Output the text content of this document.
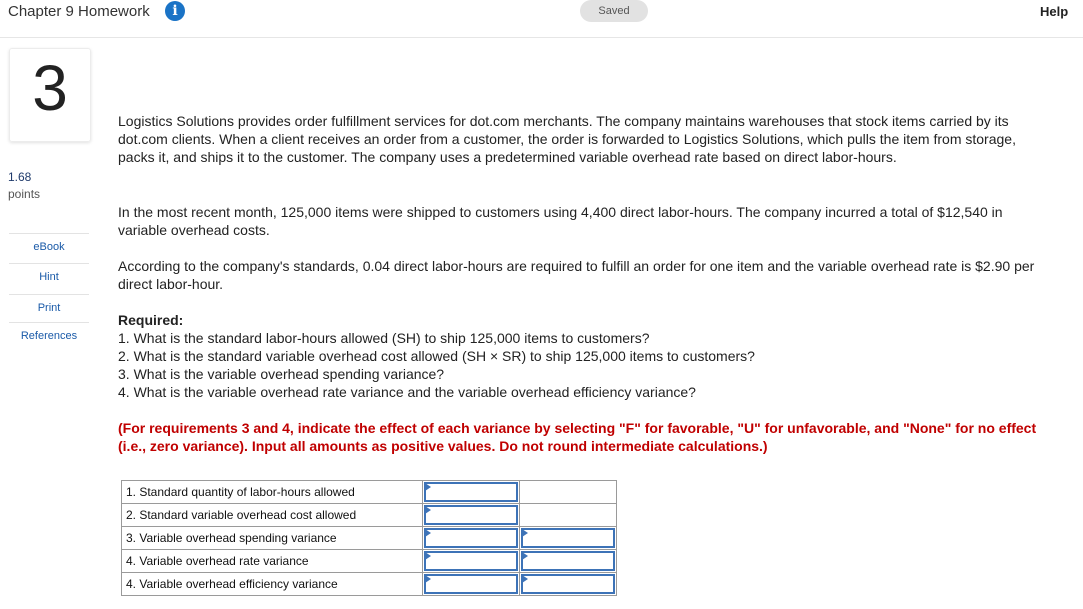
Chapter 9 Homework	i	Saved	Help
3
1.68
points
eBook
Hint
Print
References

Logistics Solutions provides order fulfillment services for dot.com merchants. The company maintains warehouses that stock items carried by its dot.com clients. When a client receives an order from a customer, the order is forwarded to Logistics Solutions, which pulls the item from storage, packs it, and ships it to the customer. The company uses a predetermined variable overhead rate based on direct labor-hours.

In the most recent month, 125,000 items were shipped to customers using 4,400 direct labor-hours. The company incurred a total of $12,540 in variable overhead costs.

According to the company's standards, 0.04 direct labor-hours are required to fulfill an order for one item and the variable overhead rate is $2.90 per direct labor-hour.

Required:
1. What is the standard labor-hours allowed (SH) to ship 125,000 items to customers?
2. What is the standard variable overhead cost allowed (SH × SR) to ship 125,000 items to customers?
3. What is the variable overhead spending variance?
4. What is the variable overhead rate variance and the variable overhead efficiency variance?

(For requirements 3 and 4, indicate the effect of each variance by selecting "F" for favorable, "U" for unfavorable, and "None" for no effect (i.e., zero variance). Input all amounts as positive values. Do not round intermediate calculations.)

1. Standard quantity of labor-hours allowed	

2. Standard variable overhead cost allowed	

3. Variable overhead spending variance	

4. Variable overhead rate variance	

4. Variable overhead efficiency variance	
